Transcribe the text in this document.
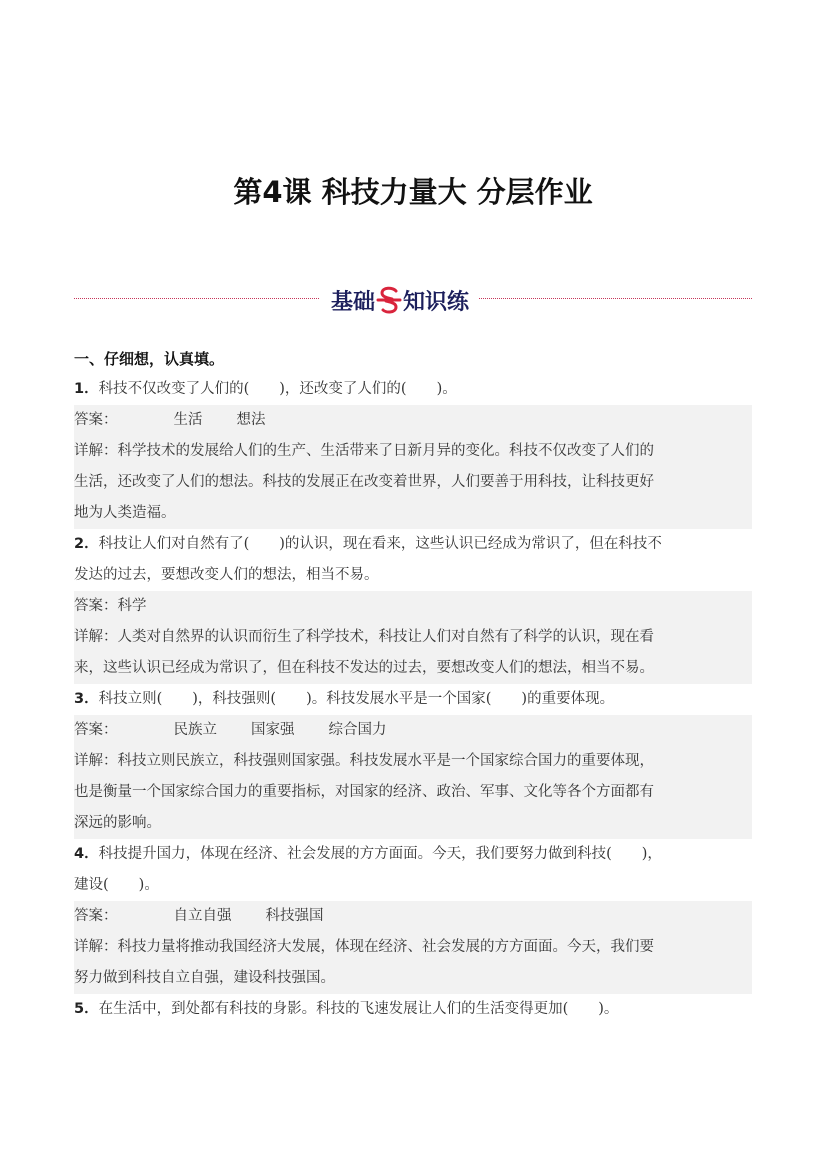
第4课 科技力量大 分层作业
基础 知识练
一、仔细想，认真填。
1．科技不仅改变了人们的( )，还改变了人们的( )。
答案：	生活 想法
详解：科学技术的发展给人们的生产、生活带来了日新月异的变化。科技不仅改变了人们的
生活，还改变了人们的想法。科技的发展正在改变着世界，人们要善于用科技，让科技更好
地为人类造福。
2．科技让人们对自然有了( )的认识，现在看来，这些认识已经成为常识了，但在科技不
发达的过去，要想改变人们的想法，相当不易。
答案：科学
详解：人类对自然界的认识而衍生了科学技术，科技让人们对自然有了科学的认识，现在看
来，这些认识已经成为常识了，但在科技不发达的过去，要想改变人们的想法，相当不易。
3．科技立则( )，科技强则( )。科技发展水平是一个国家( )的重要体现。
答案：	民族立 国家强 综合国力
详解：科技立则民族立，科技强则国家强。科技发展水平是一个国家综合国力的重要体现，
也是衡量一个国家综合国力的重要指标，对国家的经济、政治、军事、文化等各个方面都有
深远的影响。
4．科技提升国力，体现在经济、社会发展的方方面面。今天，我们要努力做到科技( )，
建设( )。
答案：	自立自强 科技强国
详解：科技力量将推动我国经济大发展，体现在经济、社会发展的方方面面。今天，我们要
努力做到科技自立自强，建设科技强国。
5．在生活中，到处都有科技的身影。科技的飞速发展让人们的生活变得更加( )。
